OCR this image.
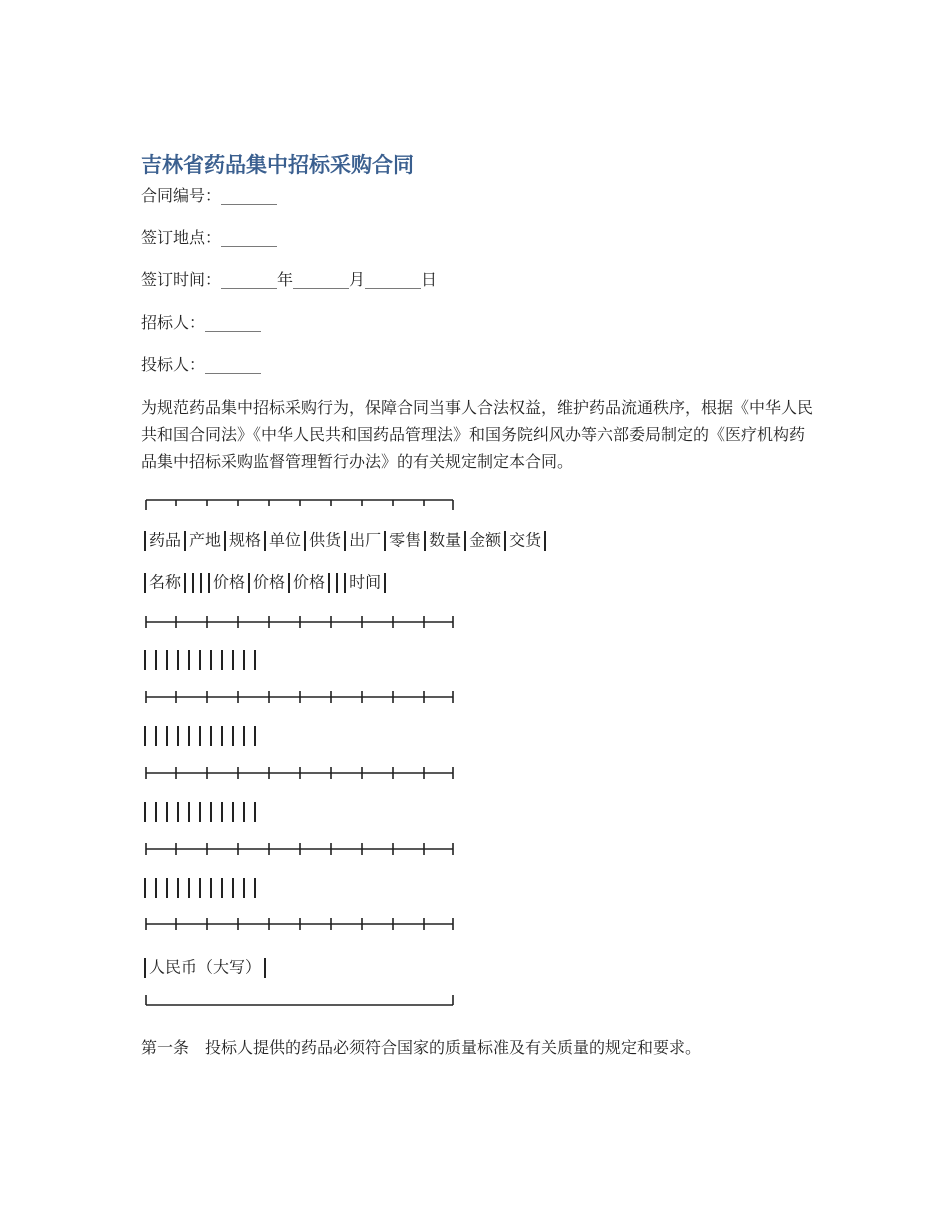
吉林省药品集中招标采购合同

合同编号：_______

签订地点：_______

签订时间：_______年_______月_______日

招标人：_______

投标人：_______

为规范药品集中招标采购行为，保障合同当事人合法权益，维护药品流通秩序，根据《中华人民共和国合同法》《中华人民共和国药品管理法》和国务院纠风办等六部委局制定的《医疗机构药品集中招标采购监督管理暂行办法》的有关规定制定本合同。

药品 产地 规格 单位 供货 出厂 零售 数量 金额 交货
名称 价格 价格 价格 时间
人民币（大写）

第一条　投标人提供的药品必须符合国家的质量标准及有关质量的规定和要求。
